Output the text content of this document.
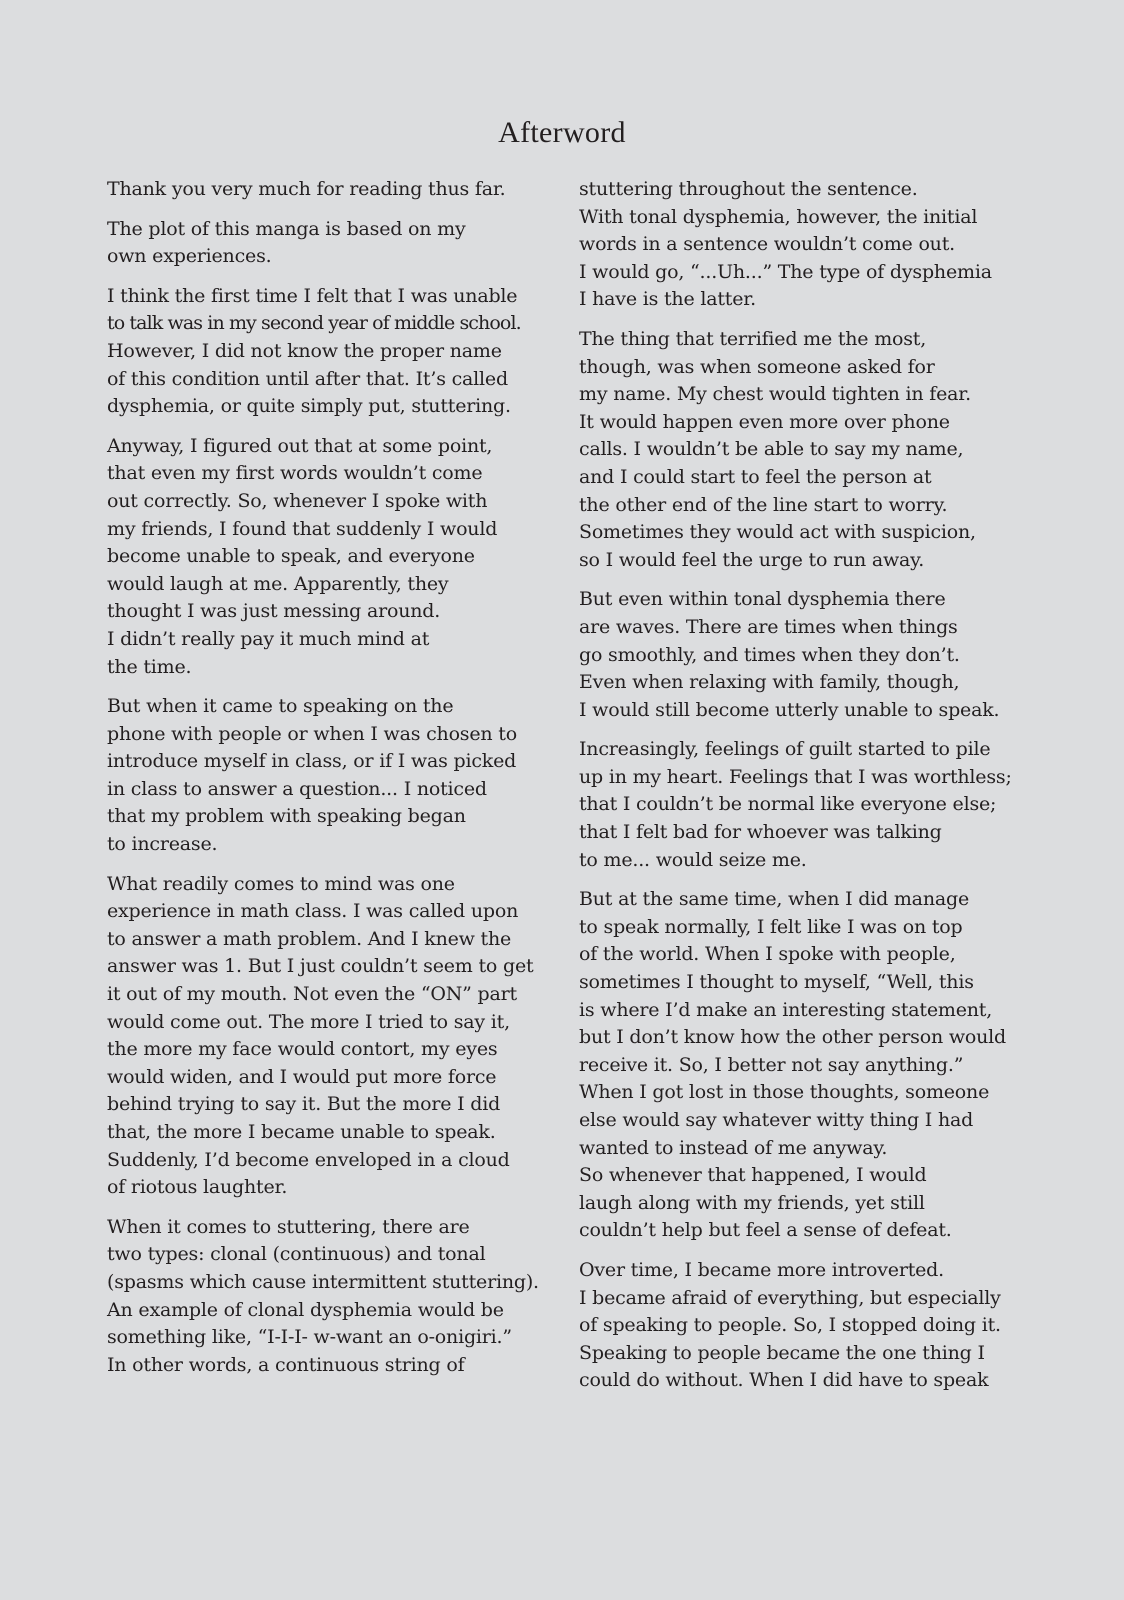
Afterword

Thank you very much for reading thus far.

The plot of this manga is based on my
own experiences.

I think the first time I felt that I was unable
to talk was in my second year of middle school.
However, I did not know the proper name
of this condition until after that. It’s called
dysphemia, or quite simply put, stuttering.

Anyway, I figured out that at some point,
that even my first words wouldn’t come
out correctly. So, whenever I spoke with
my friends, I found that suddenly I would
become unable to speak, and everyone
would laugh at me. Apparently, they
thought I was just messing around.
I didn’t really pay it much mind at
the time.

But when it came to speaking on the
phone with people or when I was chosen to
introduce myself in class, or if I was picked
in class to answer a question... I noticed
that my problem with speaking began
to increase.

What readily comes to mind was one
experience in math class. I was called upon
to answer a math problem. And I knew the
answer was 1. But I just couldn’t seem to get
it out of my mouth. Not even the “ON” part
would come out. The more I tried to say it,
the more my face would contort, my eyes
would widen, and I would put more force
behind trying to say it. But the more I did
that, the more I became unable to speak.
Suddenly, I’d become enveloped in a cloud
of riotous laughter.

When it comes to stuttering, there are
two types: clonal (continuous) and tonal
(spasms which cause intermittent stuttering).
An example of clonal dysphemia would be
something like, “I-I-I- w-want an o-onigiri.”
In other words, a continuous string of

stuttering throughout the sentence.
With tonal dysphemia, however, the initial
words in a sentence wouldn’t come out.
I would go, “...Uh...” The type of dysphemia
I have is the latter.

The thing that terrified me the most,
though, was when someone asked for
my name. My chest would tighten in fear.
It would happen even more over phone
calls. I wouldn’t be able to say my name,
and I could start to feel the person at
the other end of the line start to worry.
Sometimes they would act with suspicion,
so I would feel the urge to run away.

But even within tonal dysphemia there
are waves. There are times when things
go smoothly, and times when they don’t.
Even when relaxing with family, though,
I would still become utterly unable to speak.

Increasingly, feelings of guilt started to pile
up in my heart. Feelings that I was worthless;
that I couldn’t be normal like everyone else;
that I felt bad for whoever was talking
to me... would seize me.

But at the same time, when I did manage
to speak normally, I felt like I was on top
of the world. When I spoke with people,
sometimes I thought to myself, “Well, this
is where I’d make an interesting statement,
but I don’t know how the other person would
receive it. So, I better not say anything.”
When I got lost in those thoughts, someone
else would say whatever witty thing I had
wanted to instead of me anyway.
So whenever that happened, I would
laugh along with my friends, yet still
couldn’t help but feel a sense of defeat.

Over time, I became more introverted.
I became afraid of everything, but especially
of speaking to people. So, I stopped doing it.
Speaking to people became the one thing I
could do without. When I did have to speak
